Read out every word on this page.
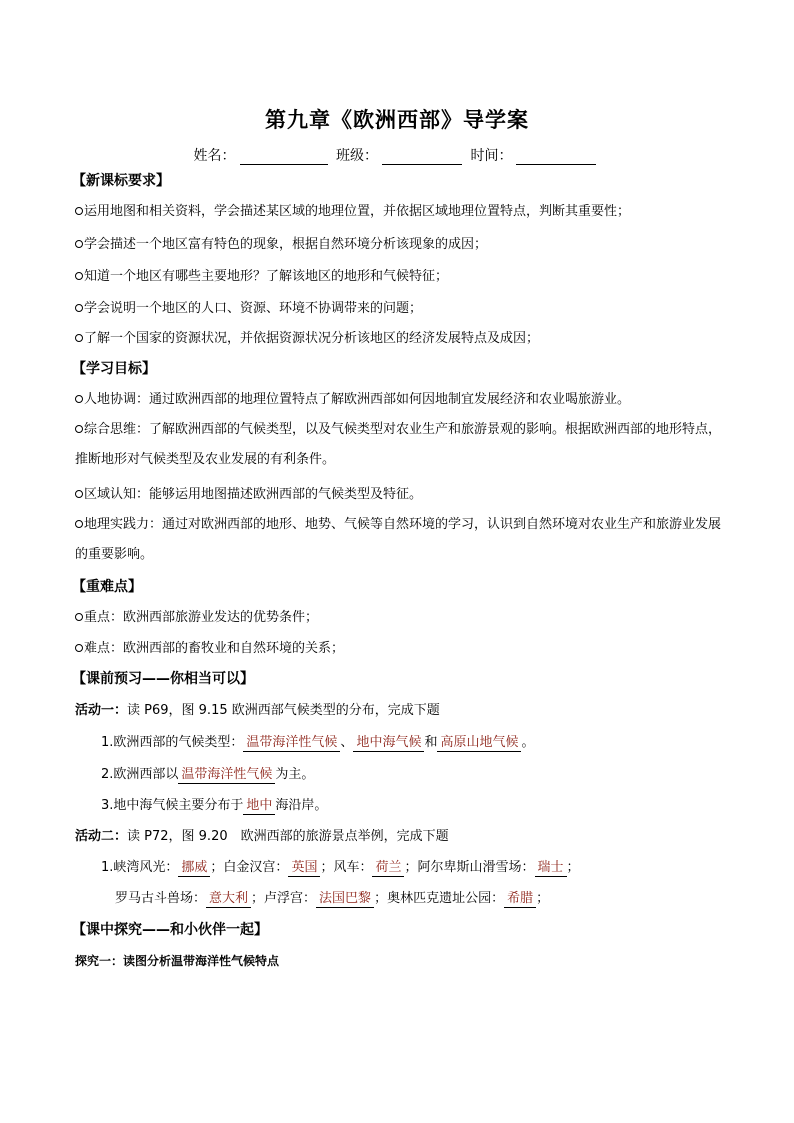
第九章《欧洲西部》导学案
姓名：	班级：	时间：
【新课标要求】
运用地图和相关资料，学会描述某区域的地理位置，并依据区域地理位置特点，判断其重要性；
学会描述一个地区富有特色的现象，根据自然环境分析该现象的成因；
知道一个地区有哪些主要地形？了解该地区的地形和气候特征；
学会说明一个地区的人口、资源、环境不协调带来的问题；
了解一个国家的资源状况，并依据资源状况分析该地区的经济发展特点及成因；
【学习目标】
人地协调：通过欧洲西部的地理位置特点了解欧洲西部如何因地制宜发展经济和农业喝旅游业。
综合思维：了解欧洲西部的气候类型，以及气候类型对农业生产和旅游景观的影响。根据欧洲西部的地形特点，推断地形对气候类型及农业发展的有利条件。
区域认知：能够运用地图描述欧洲西部的气候类型及特征。
地理实践力：通过对欧洲西部的地形、地势、气候等自然环境的学习，认识到自然环境对农业生产和旅游业发展的重要影响。
【重难点】
重点：欧洲西部旅游业发达的优势条件；
难点：欧洲西部的畜牧业和自然环境的关系；
【课前预习——你相当可以】
活动一：读 P69，图 9.15 欧洲西部气候类型的分布，完成下题
1.欧洲西部的气候类型： 温带海洋性气候 、 地中海气候 和 高原山地气候 。
2.欧洲西部以 温带海洋性气候 为主。
3.地中海气候主要分布于 地中 海沿岸。
活动二：读 P72，图 9.20　欧洲西部的旅游景点举例，完成下题
1.峡湾风光： 挪威 ；白金汉宫： 英国 ；风车： 荷兰 ；阿尔卑斯山滑雪场： 瑞士 ；
罗马古斗兽场： 意大利 ；卢浮宫： 法国巴黎 ；奥林匹克遗址公园： 希腊 ；
【课中探究——和小伙伴一起】
探究一：读图分析温带海洋性气候特点
